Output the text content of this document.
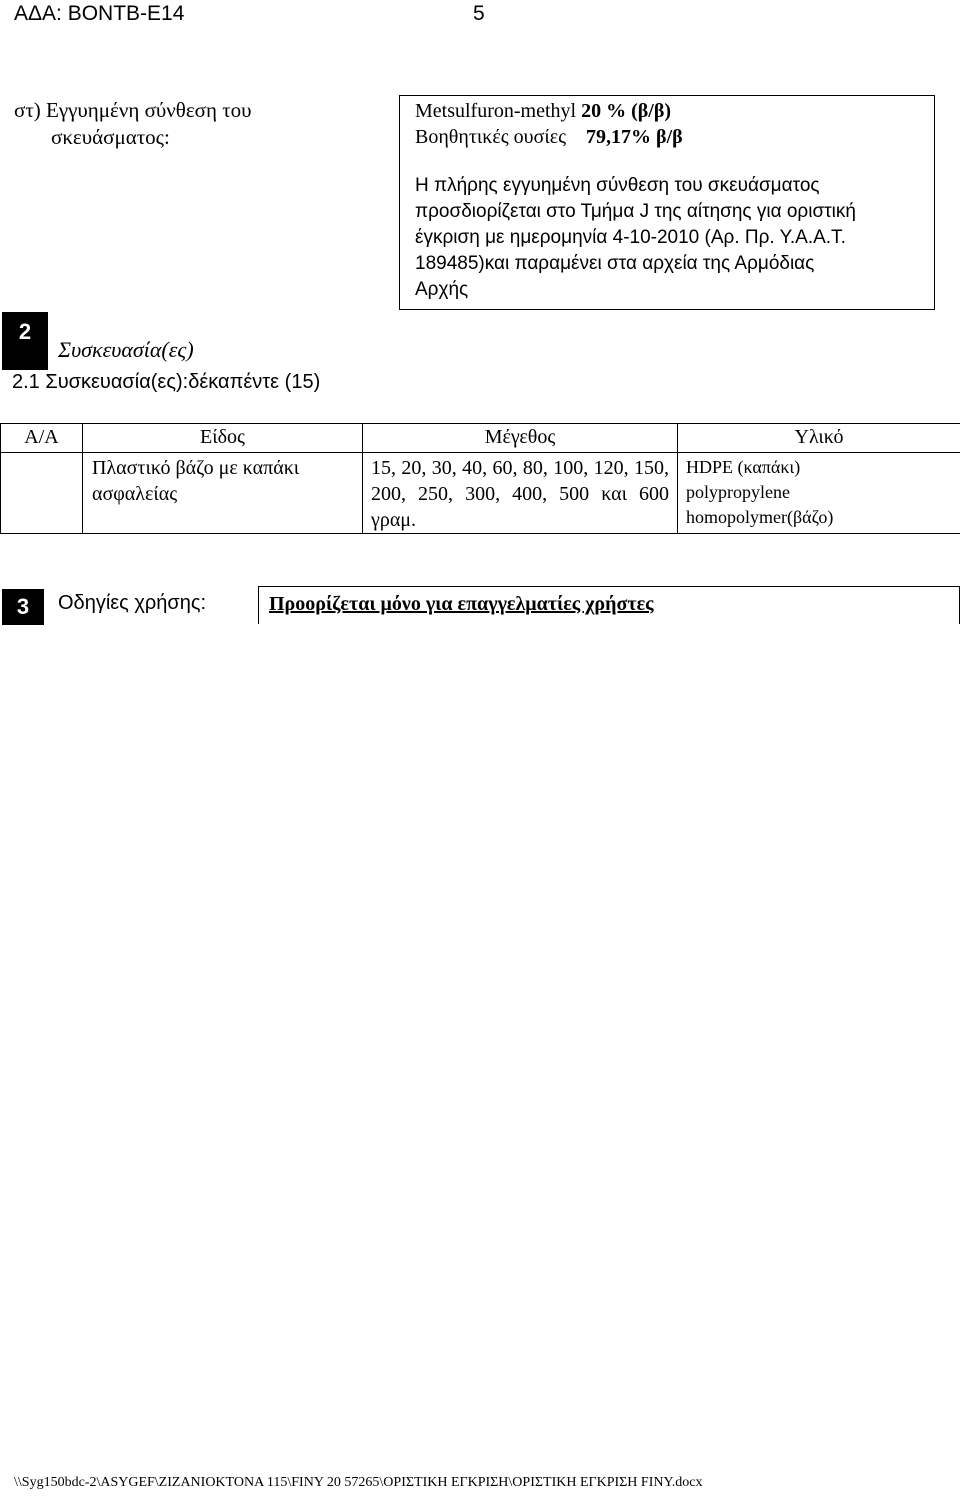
ΑΔΑ: ΒΟΝΤΒ-Ε14	5
στ) Εγγυημένη σύνθεση του
σκευάσματος:
Metsulfuron-methyl 20 % (β/β)
Βοηθητικές ουσίες 79,17% β/β
Η πλήρης εγγυημένη σύνθεση του σκευάσματος
προσδιορίζεται στο Τμήμα J της αίτησης για οριστική
έγκριση με ημερομηνία 4-10-2010 (Αρ. Πρ. Υ.Α.Α.Τ.
189485)και παραμένει στα αρχεία της Αρμόδιας
Αρχής
2
Συσκευασία(ες)
2.1 Συσκευασία(ες):δέκαπέντε (15)
Α/Α	Είδος	Μέγεθος	Υλικό

	Πλαστικό βάζο με καπάκι ασφαλείας	15, 20, 30, 40, 60, 80, 100, 120, 150, 200, 250, 300, 400, 500 και 600 γραμ.	HDPE (καπάκι)
polypropylene
homopolymer(βάζο)
3	Οδηγίες χρήσης:	Προορίζεται μόνο για επαγγελματίες χρήστες
\\Syg150bdc-2\ASYGEF\ZIZANIOKTONA 115\FINY 20 57265\ΟΡΙΣΤΙΚΗ ΕΓΚΡΙΣΗ\ΟΡΙΣΤΙΚΗ ΕΓΚΡΙΣΗ FINY.docx
